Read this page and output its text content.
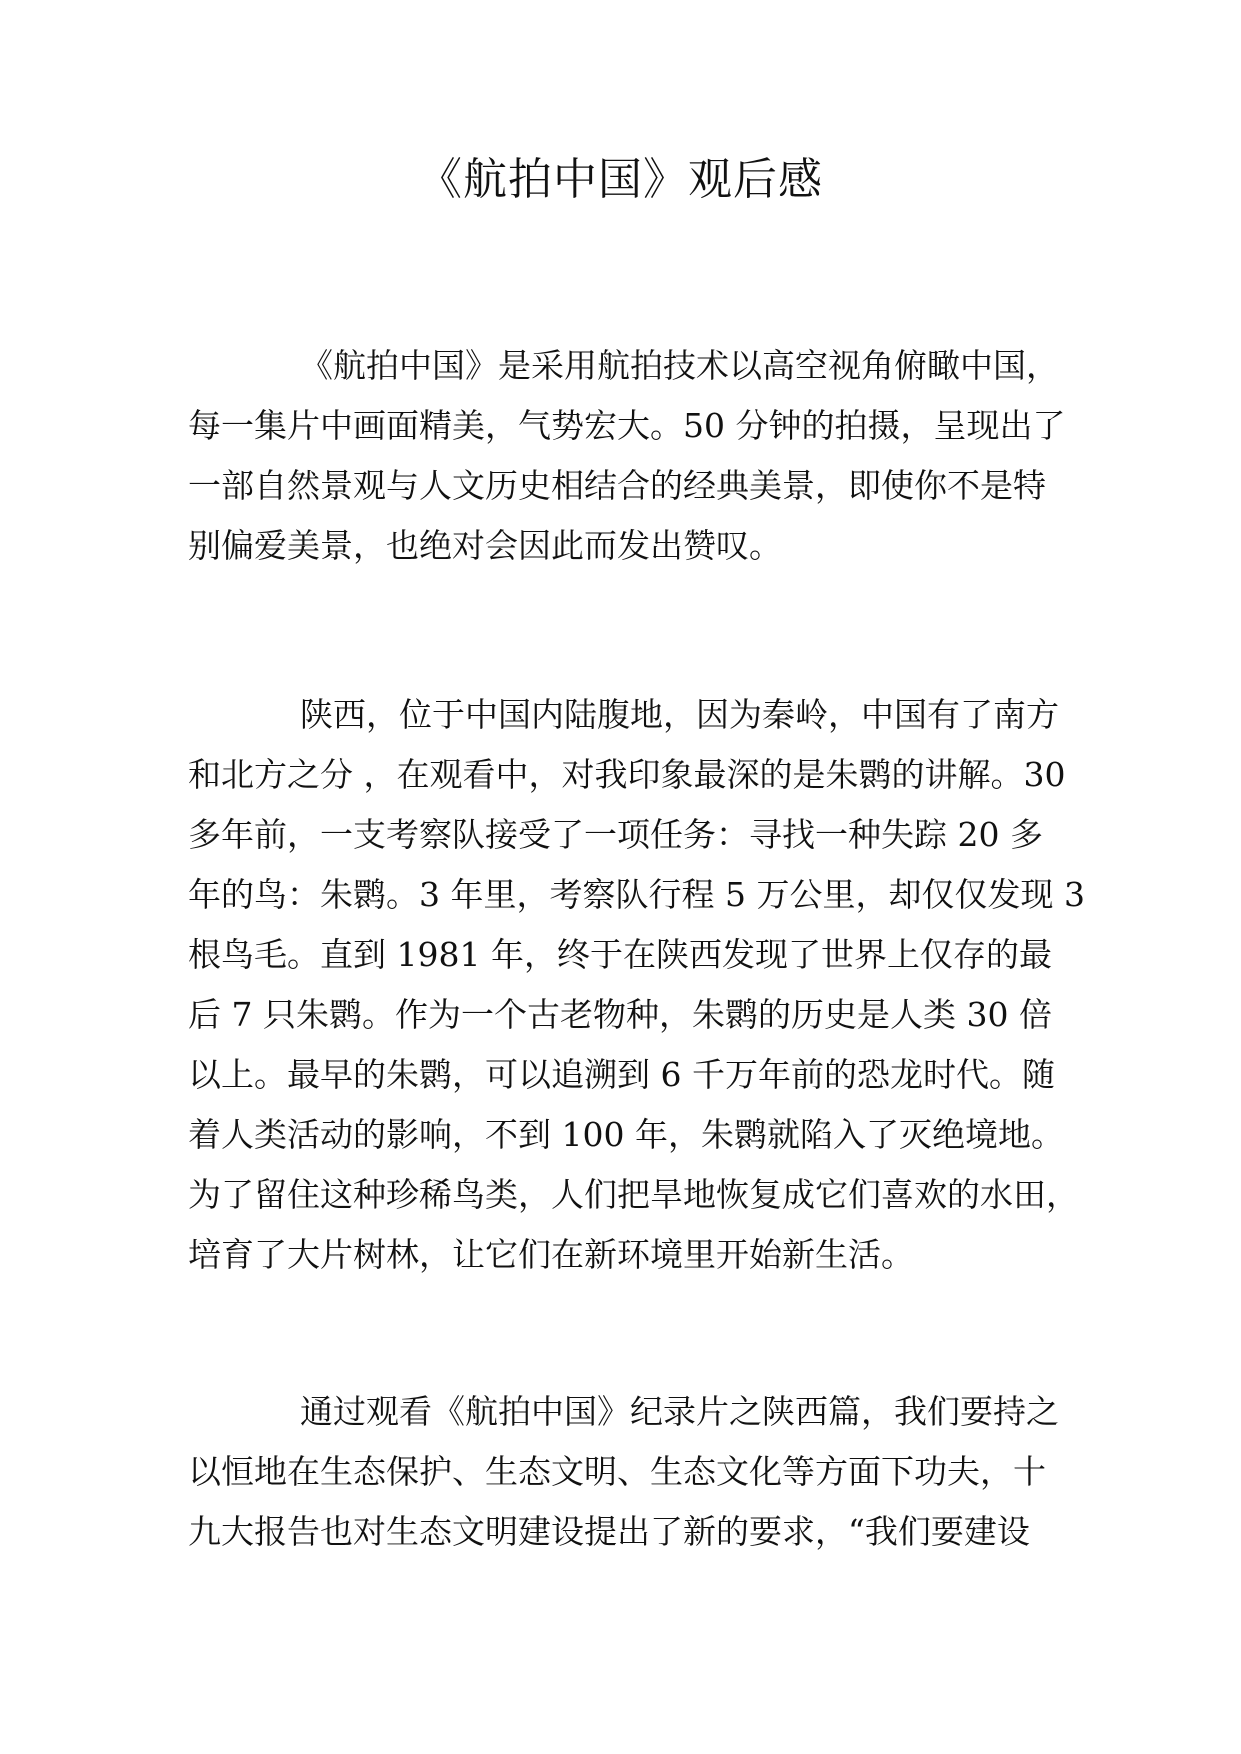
《航拍中国》观后感
《航拍中国》是采用航拍技术以高空视角俯瞰中国，
每一集片中画面精美，气势宏大。50 分钟的拍摄，呈现出了
一部自然景观与人文历史相结合的经典美景，即使你不是特
别偏爱美景，也绝对会因此而发出赞叹。
陕西，位于中国内陆腹地，因为秦岭，中国有了南方
和北方之分 ，在观看中，对我印象最深的是朱鹮的讲解。30
多年前，一支考察队接受了一项任务：寻找一种失踪 20 多
年的鸟：朱鹮。3 年里，考察队行程 5 万公里，却仅仅发现 3
根鸟毛。直到 1981 年，终于在陕西发现了世界上仅存的最
后 7 只朱鹮。作为一个古老物种，朱鹮的历史是人类 30 倍
以上。最早的朱鹮，可以追溯到 6 千万年前的恐龙时代。随
着人类活动的影响，不到 100 年，朱鹮就陷入了灭绝境地。
为了留住这种珍稀鸟类，人们把旱地恢复成它们喜欢的水田，
培育了大片树林，让它们在新环境里开始新生活。
通过观看《航拍中国》纪录片之陕西篇，我们要持之
以恒地在生态保护、生态文明、生态文化等方面下功夫，十
九大报告也对生态文明建设提出了新的要求，“我们要建设
